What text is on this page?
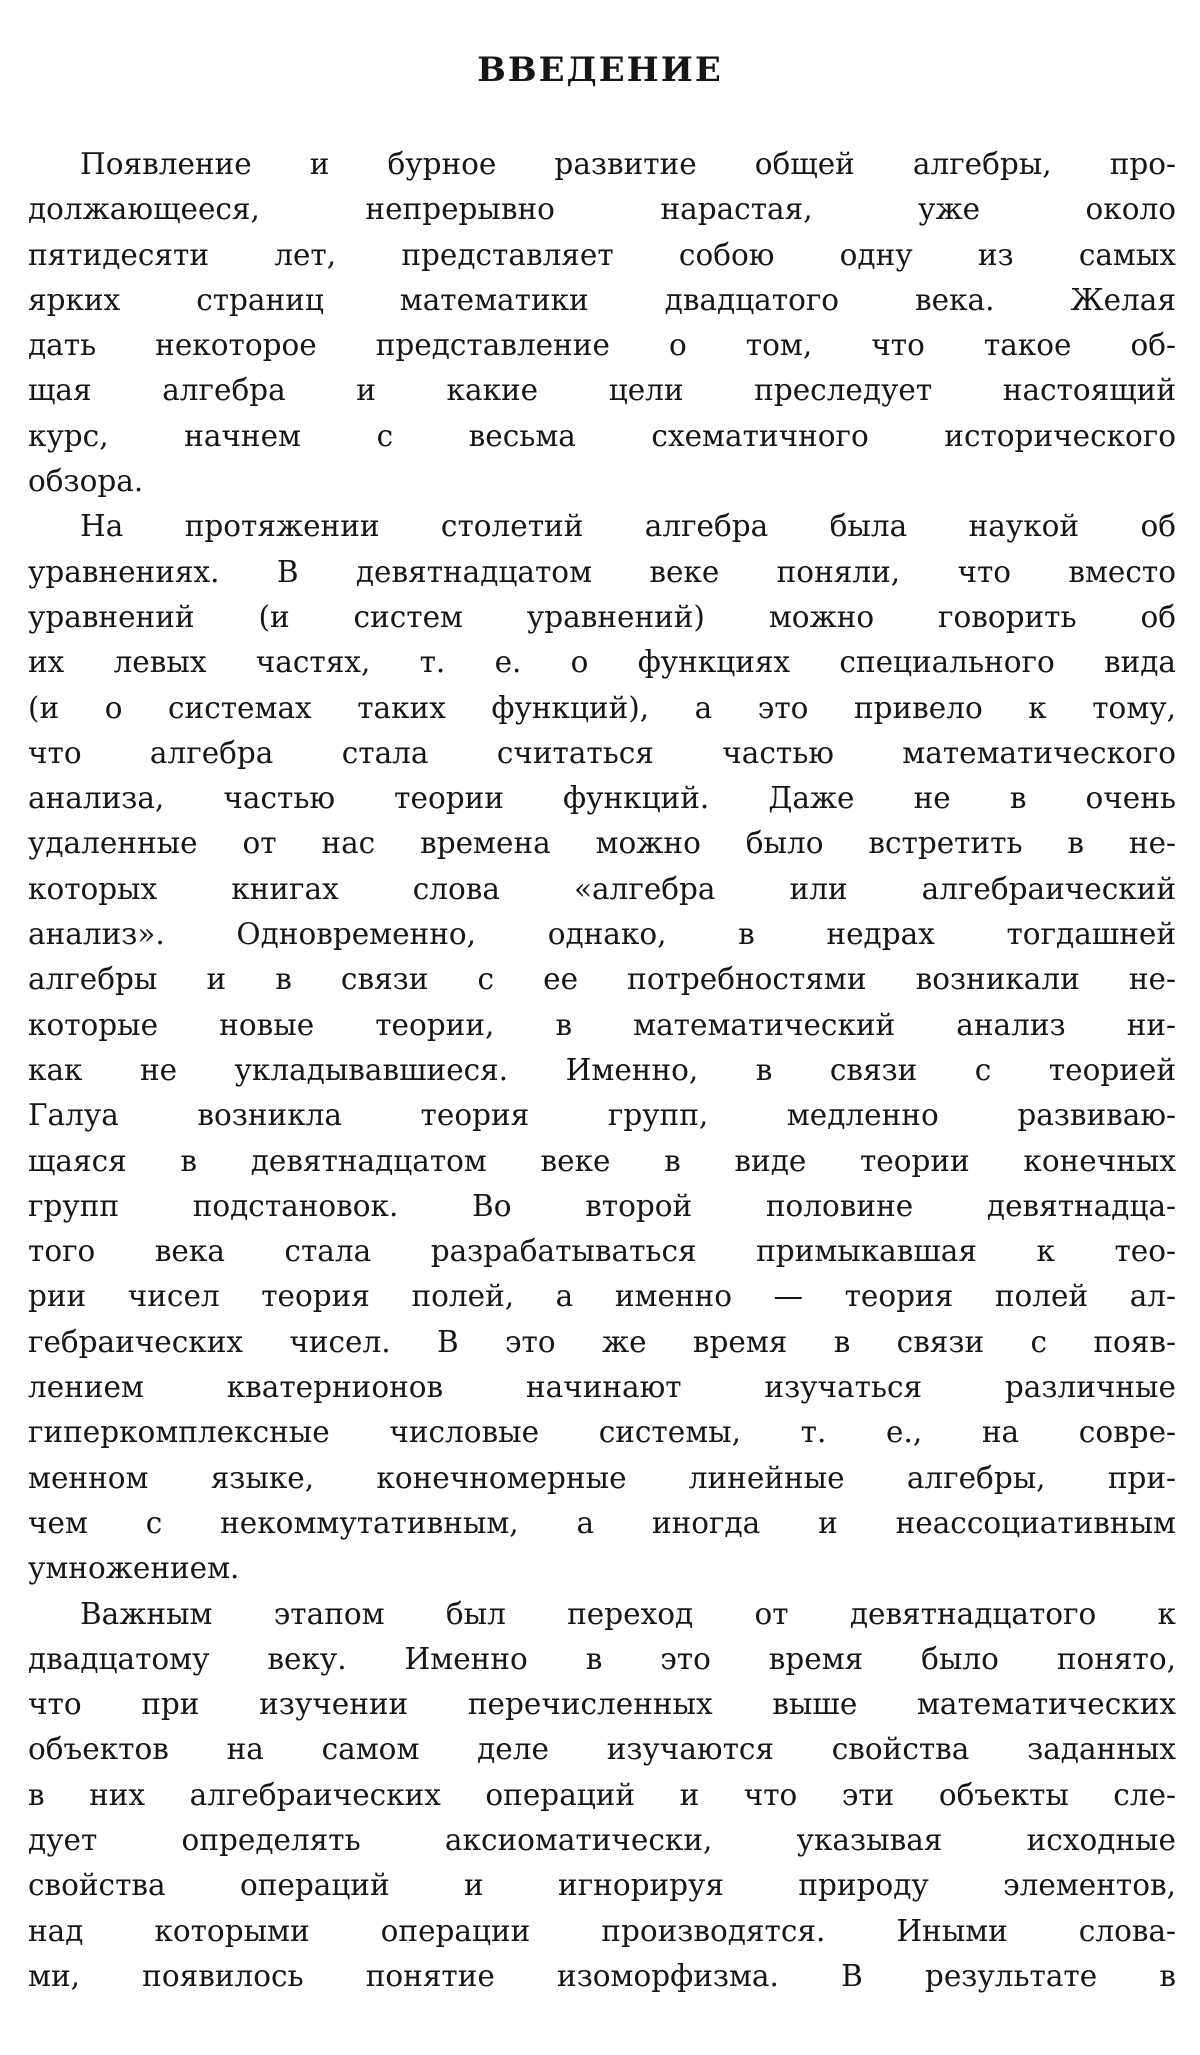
ВВЕДЕНИЕ
Появление и бурное развитие общей алгебры, про-
должающееся, непрерывно нарастая, уже около
пятидесяти лет, представляет собою одну из самых
ярких страниц математики двадцатого века. Желая
дать некоторое представление о том, что такое об-
щая алгебра и какие цели преследует настоящий
курс, начнем с весьма схематичного исторического
обзора.
На протяжении столетий алгебра была наукой об
уравнениях. В девятнадцатом веке поняли, что вместо
уравнений (и систем уравнений) можно говорить об
их левых частях, т. е. о функциях специального вида
(и о системах таких функций), а это привело к тому,
что алгебра стала считаться частью математического
анализа, частью теории функций. Даже не в очень
удаленные от нас времена можно было встретить в не-
которых книгах слова «алгебра или алгебраический
анализ». Одновременно, однако, в недрах тогдашней
алгебры и в связи с ее потребностями возникали не-
которые новые теории, в математический анализ ни-
как не укладывавшиеся. Именно, в связи с теорией
Галуа возникла теория групп, медленно развиваю-
щаяся в девятнадцатом веке в виде теории конечных
групп подстановок. Во второй половине девятнадца-
того века стала разрабатываться примыкавшая к тео-
рии чисел теория полей, а именно — теория полей ал-
гебраических чисел. В это же время в связи с появ-
лением кватернионов начинают изучаться различные
гиперкомплексные числовые системы, т. е., на совре-
менном языке, конечномерные линейные алгебры, при-
чем с некоммутативным, а иногда и неассоциативным
умножением.
Важным этапом был переход от девятнадцатого к
двадцатому веку. Именно в это время было понято,
что при изучении перечисленных выше математических
объектов на самом деле изучаются свойства заданных
в них алгебраических операций и что эти объекты сле-
дует определять аксиоматически, указывая исходные
свойства операций и игнорируя природу элементов,
над которыми операции производятся. Иными слова-
ми, появилось понятие изоморфизма. В результате в
